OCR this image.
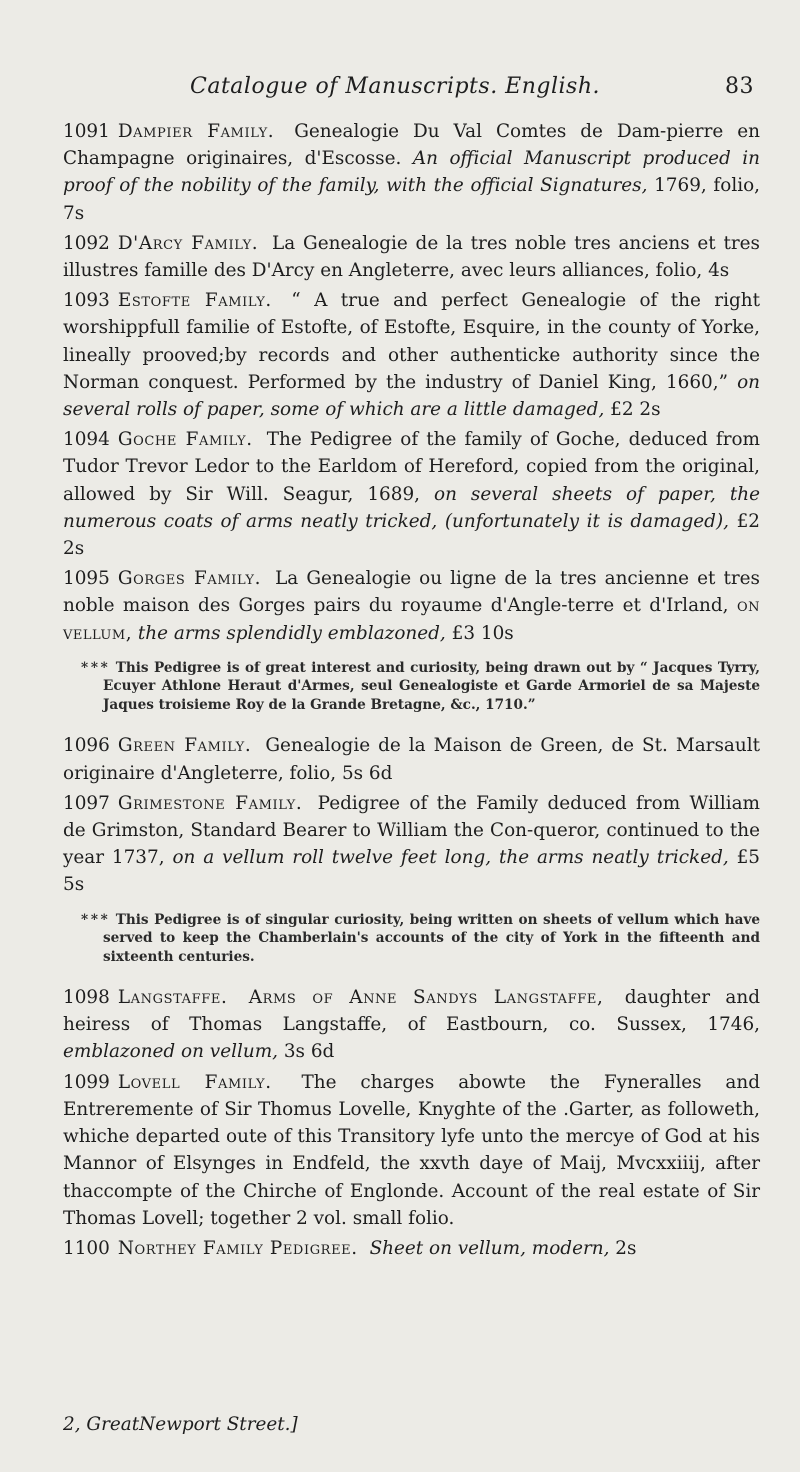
Catalogue of Manuscripts. English.	83

1091 Dampier Family. Genealogie Du Val Comtes de Dam-pierre en Champagne originaires, d'Escosse. An official Manuscript produced in proof of the nobility of the family, with the official Signatures, 1769, folio, 7s

1092 D'Arcy Family. La Genealogie de la tres noble tres anciens et tres illustres famille des D'Arcy en Angleterre, avec leurs alliances, folio, 4s

1093 Estofte Family. “ A true and perfect Genealogie of the right worshippfull familie of Estofte, of Estofte, Esquire, in the county of Yorke, lineally prooved;by records and other authenticke authority since the Norman conquest. Performed by the industry of Daniel King, 1660,” on several rolls of paper, some of which are a little damaged, £2 2s

1094 Goche Family. The Pedigree of the family of Goche, deduced from Tudor Trevor Ledor to the Earldom of Hereford, copied from the original, allowed by Sir Will. Seagur, 1689, on several sheets of paper, the numerous coats of arms neatly tricked, (unfortunately it is damaged), £2 2s

1095 Gorges Family. La Genealogie ou ligne de la tres ancienne et tres noble maison des Gorges pairs du royaume d'Angle-terre et d'Irland, on vellum, the arms splendidly emblazoned, £3 10s

* * * This Pedigree is of great interest and curiosity, being drawn out by “ Jacques Tyrry, Ecuyer Athlone Heraut d'Armes, seul Genealogiste et Garde Armoriel de sa Majeste Jaques troisieme Roy de la Grande Bretagne, &c., 1710.”

1096 Green Family. Genealogie de la Maison de Green, de St. Marsault originaire d'Angleterre, folio, 5s 6d

1097 Grimestone Family. Pedigree of the Family deduced from William de Grimston, Standard Bearer to William the Con-queror, continued to the year 1737, on a vellum roll twelve feet long, the arms neatly tricked, £5 5s

* * * This Pedigree is of singular curiosity, being written on sheets of vellum which have served to keep the Chamberlain's accounts of the city of York in the fifteenth and sixteenth centuries.

1098 Langstaffe. Arms of Anne Sandys Langstaffe, daughter and heiress of Thomas Langstaffe, of Eastbourn, co. Sussex, 1746, emblazoned on vellum, 3s 6d

1099 Lovell Family. The charges abowte the Fyneralles and Entreremente of Sir Thomus Lovelle, Knyghte of the .Garter, as followeth, whiche departed oute of this Transitory lyfe unto the mercye of God at his Mannor of Elsynges in Endfeld, the xxvth daye of Maij, Mvcxxiiij, after thaccompte of the Chirche of Englonde. Account of the real estate of Sir Thomas Lovell; together 2 vol. small folio.

1100 Northey Family Pedigree. Sheet on vellum, modern, 2s

2, GreatNewport Street.]
